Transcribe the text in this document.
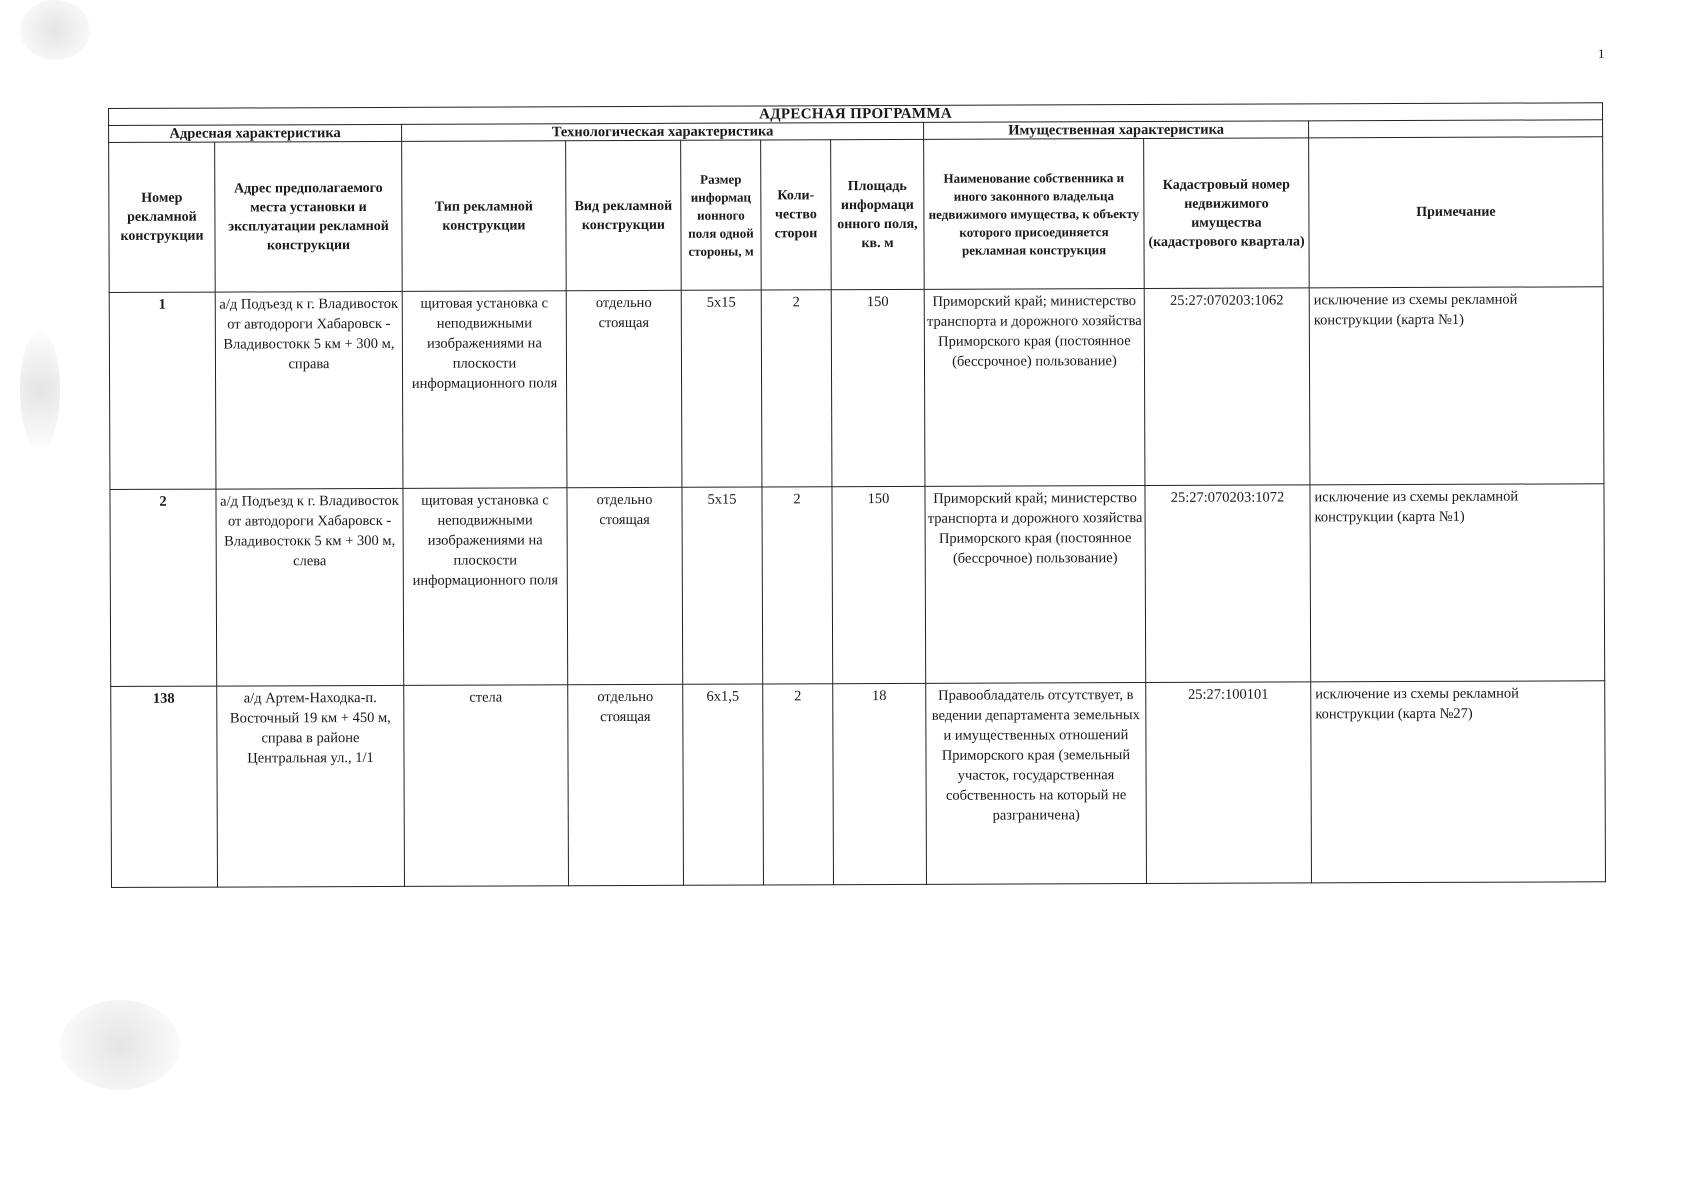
1
АДРЕСНАЯ ПРОГРАММА									
Адресная характеристика		Технологическая характеристика					Имущественная характеристика		
Номер рекламной конструкции	Адрес предполагаемого места установки и эксплуатации рекламной конструкции	Тип рекламной конструкции	Вид рекламной конструкции	Размер информац ионного поля одной стороны, м	Коли-чество сторон	Площадь информаци онного поля, кв. м	Наименование собственника и иного законного владельца недвижимого имущества, к объекту которого присоединяется рекламная конструкция	Кадастровый номер недвижимого имущества (кадастрового квартала)	Примечание
1	а/д Подъезд к г. Владивосток от автодороги Хабаровск - Владивостокк 5 км + 300 м, справа	щитовая установка с неподвижными изображениями на плоскости информационного поля	отдельно стоящая	5x15	2	150	Приморский край; министерство транспорта и дорожного хозяйства Приморского края (постоянное (бессрочное) пользование)	25:27:070203:1062	исключение из схемы рекламной конструкции (карта №1)
2	а/д Подъезд к г. Владивосток от автодороги Хабаровск - Владивостокк 5 км + 300 м, слева	щитовая установка с неподвижными изображениями на плоскости информационного поля	отдельно стоящая	5x15	2	150	Приморский край; министерство транспорта и дорожного хозяйства Приморского края (постоянное (бессрочное) пользование)	25:27:070203:1072	исключение из схемы рекламной конструкции (карта №1)
138	а/д Артем-Находка-п. Восточный 19 км + 450 м, справа в районе Центральная ул., 1/1	стела	отдельно стоящая	6x1,5	2	18	Правообладатель отсутствует, в ведении департамента земельных и имущественных отношений Приморского края (земельный участок, государственная собственность на который не разграничена)	25:27:100101	исключение из схемы рекламной конструкции (карта №27)
